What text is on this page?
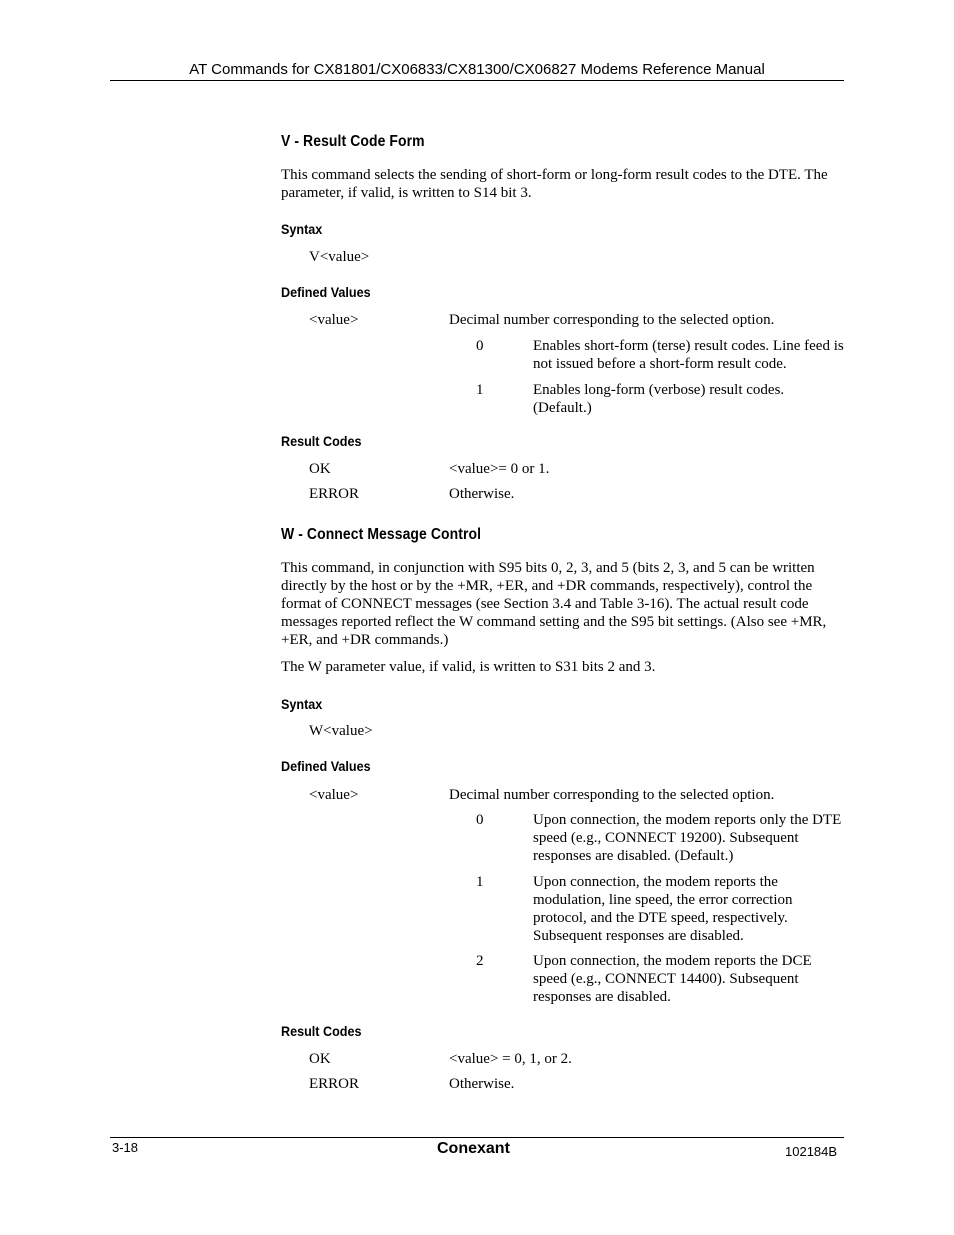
AT Commands for CX81801/CX06833/CX81300/CX06827 Modems Reference Manual
V - Result Code Form
This command selects the sending of short-form or long-form result codes to the DTE. The parameter, if valid, is written to S14 bit 3.
Syntax
V<value>
Defined Values
<value>	Decimal number corresponding to the selected option.
0	Enables short-form (terse) result codes. Line feed is not issued before a short-form result code.
1	Enables long-form (verbose) result codes. (Default.)
Result Codes
OK	<value>= 0 or 1.
ERROR	Otherwise.
W - Connect Message Control
This command, in conjunction with S95 bits 0, 2, 3, and 5 (bits 2, 3, and 5 can be written directly by the host or by the +MR, +ER, and +DR commands, respectively), control the format of CONNECT messages (see Section 3.4 and Table 3-16). The actual result code messages reported reflect the W command setting and the S95 bit settings. (Also see +MR, +ER, and +DR commands.)
The W parameter value, if valid, is written to S31 bits 2 and 3.
Syntax
W<value>
Defined Values
<value>	Decimal number corresponding to the selected option.
0	Upon connection, the modem reports only the DTE speed (e.g., CONNECT 19200). Subsequent responses are disabled. (Default.)
1	Upon connection, the modem reports the modulation, line speed, the error correction protocol, and the DTE speed, respectively. Subsequent responses are disabled.
2	Upon connection, the modem reports the DCE speed (e.g., CONNECT 14400). Subsequent responses are disabled.
Result Codes
OK	<value> = 0, 1, or 2.
ERROR	Otherwise.
3-18	Conexant	102184B
